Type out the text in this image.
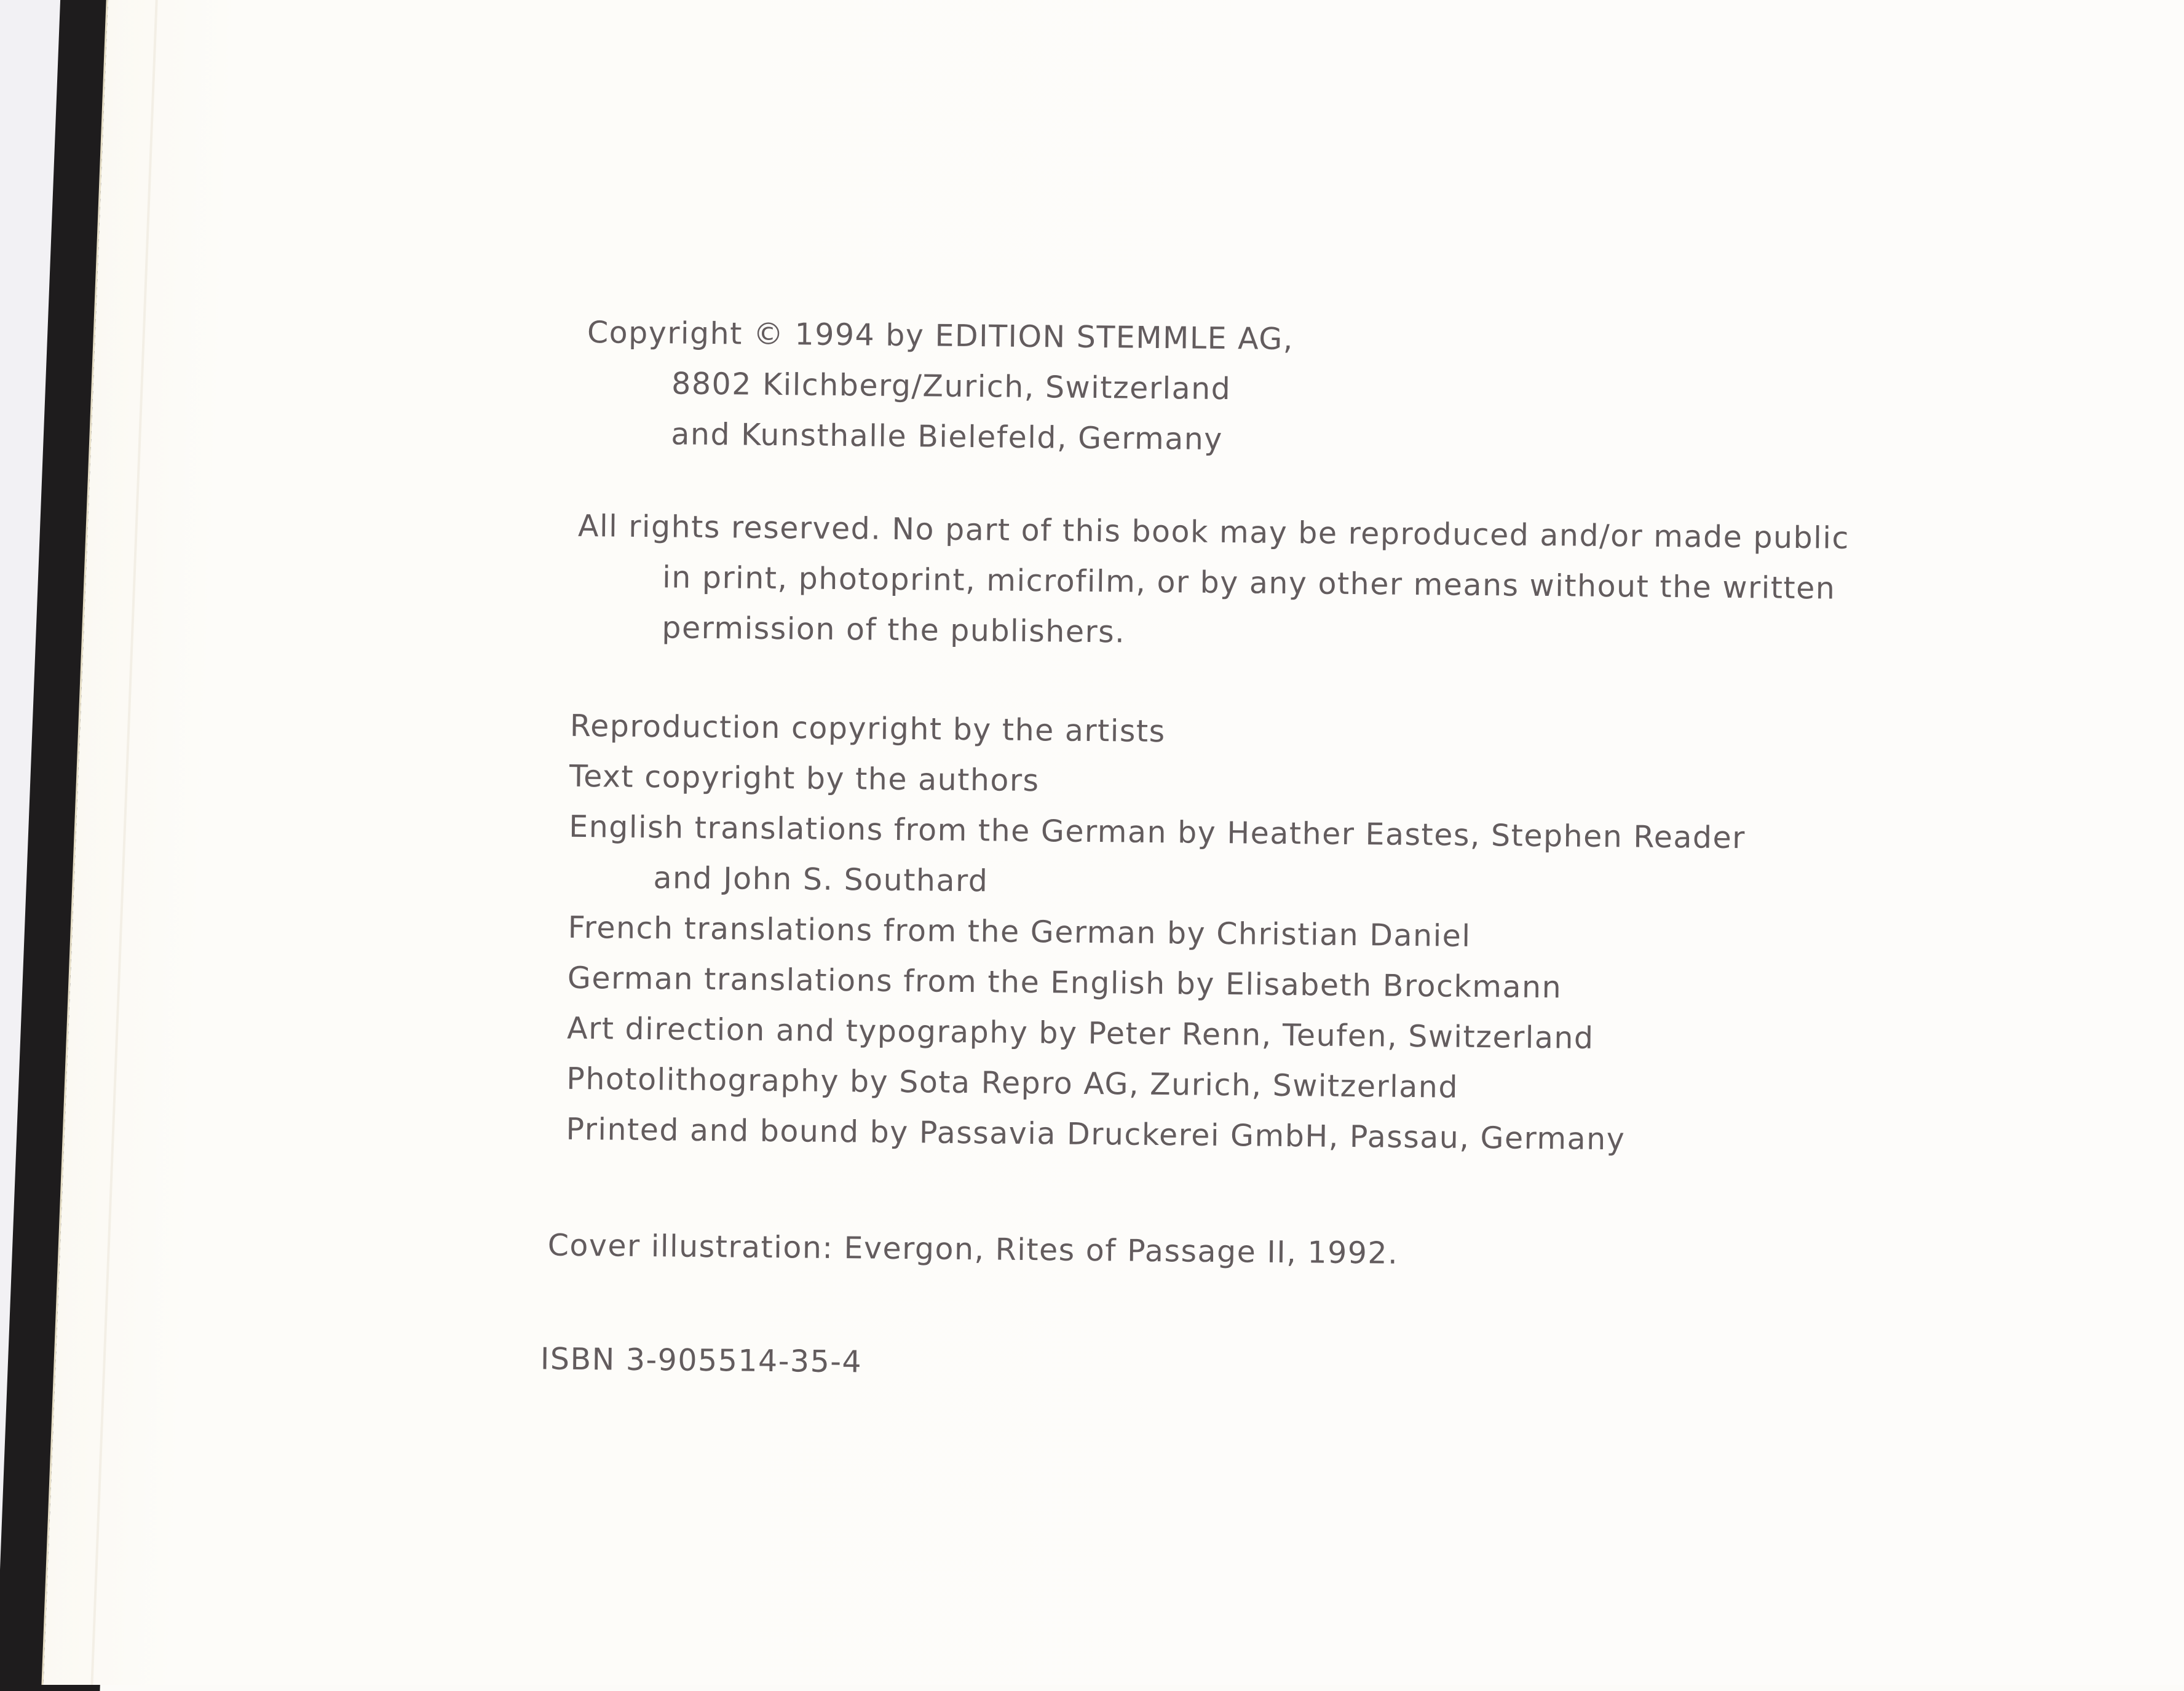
Copyright © 1994 by EDITION STEMMLE AG,
8802 Kilchberg/Zurich, Switzerland
and Kunsthalle Bielefeld, Germany
All rights reserved. No part of this book may be reproduced and/or made public
in print, photoprint, microfilm, or by any other means without the written
permission of the publishers.
Reproduction copyright by the artists
Text copyright by the authors
English translations from the German by Heather Eastes, Stephen Reader
and John S. Southard
French translations from the German by Christian Daniel
German translations from the English by Elisabeth Brockmann
Art direction and typography by Peter Renn, Teufen, Switzerland
Photolithography by Sota Repro AG, Zurich, Switzerland
Printed and bound by Passavia Druckerei GmbH, Passau, Germany
Cover illustration: Evergon, Rites of Passage II, 1992.
ISBN 3-905514-35-4
